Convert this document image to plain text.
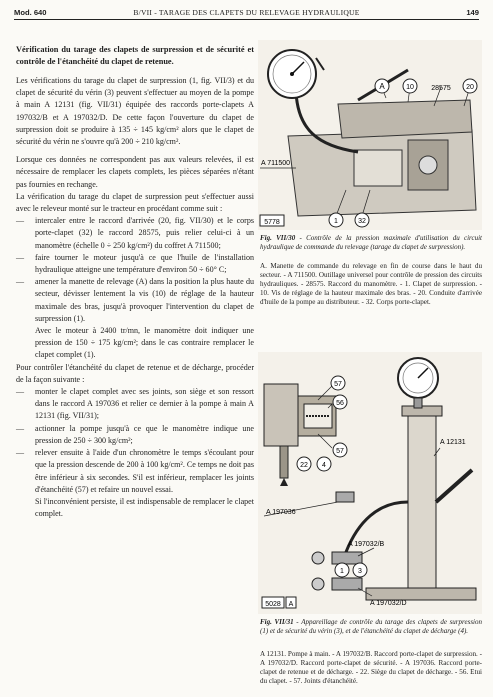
Mod. 640	B/VII - TARAGE DES CLAPETS DU RELEVAGE HYDRAULIQUE	149
Vérification du tarage des clapets de surpression et de sécurité et contrôle de l'étanchéité du clapet de retenue.

Les vérifications du tarage du clapet de surpression (1, fig. VII/3) et du clapet de sécurité du vérin (3) peuvent s'effectuer au moyen de la pompe à main A 12131 (fig. VII/31) équipée des raccords porte-clapets A 197032/B et A 197032/D. De cette façon l'ouverture du clapet de surpression doit se produire à 135 ÷ 145 kg/cm² alors que le clapet de sécurité du vérin ne s'ouvre qu'à 200 ÷ 210 kg/cm².

Lorsque ces données ne correspondent pas aux valeurs relevées, il est nécessaire de remplacer les clapets complets, les pièces séparées n'étant pas fournies en rechange.

La vérification du tarage du clapet de surpression peut s'effectuer aussi avec le releveur monté sur le tracteur en procédant comme suit :

— intercaler entre le raccord d'arrivée (20, fig. VII/30) et le corps porte-clapet (32) le raccord 28575, puis relier celui-ci à un manomètre (échelle 0 ÷ 250 kg/cm²) du coffret A 711500;
— faire tourner le moteur jusqu'à ce que l'huile de l'installation hydraulique atteigne une température d'environ 50 ÷ 60° C;
— amener la manette de relevage (A) dans la position la plus haute du secteur, dévisser lentement la vis (10) de réglage de la hauteur maximale des bras, jusqu'à provoquer l'intervention du clapet de surpression (1).

Avec le moteur à 2400 tr/mn, le manomètre doit indiquer une pression de 150 ÷ 175 kg/cm²; dans le cas contraire remplacer le clapet complet (1).

Pour contrôler l'étanchéité du clapet de retenue et de décharge, procéder de la façon suivante :

— monter le clapet complet avec ses joints, son siège et son ressort dans le raccord A 197036 et relier ce dernier à la pompe à main A 12131 (fig. VII/31);
— actionner la pompe jusqu'à ce que le manomètre indique une pression de 250 ÷ 300 kg/cm²;
— relever ensuite à l'aide d'un chronomètre le temps s'écoulant pour que la pression descende de 200 à 100 kg/cm². Ce temps ne doit pas être inférieur à six secondes. S'il est inférieur, remplacer les joints d'étanchéité (57) et refaire un nouvel essai.

Si l'inconvénient persiste, il est indispensable de remplacer le clapet complet.

A	10 28575 20
A 711500
5778	1	32
Fig. VII/30 - Contrôle de la pression maximale d'utilisation du circuit hydraulique de commande du relevage (tarage du clapet de surpression).
A. Manette de commande du relevage en fin de course dans le haut du secteur. - A 711500. Outillage universel pour contrôle de pression des circuits hydrauliques. - 28575. Raccord du manomètre. - 1. Clapet de surpression. - 10. Vis de réglage de la hauteur maximale des bras. - 20. Conduite d'arrivée d'huile de la pompe au distributeur. - 32. Corps porte-clapet.
57
56
57
22 4
A 12131
A 197036
A 197032/B
1 3
A 197032/D
5028 A
Fig. VII/31 - Appareillage de contrôle du tarage des clapets de surpression (1) et de sécurité du vérin (3), et de l'étanchéité du clapet de décharge (4).
A 12131. Pompe à main. - A 197032/B. Raccord porte-clapet de surpression. - A 197032/D. Raccord porte-clapet de sécurité. - A 197036. Raccord porte-clapet de retenue et de décharge. - 22. Siège du clapet de décharge. - 56. Etui du clapet. - 57. Joints d'étanchéité.
